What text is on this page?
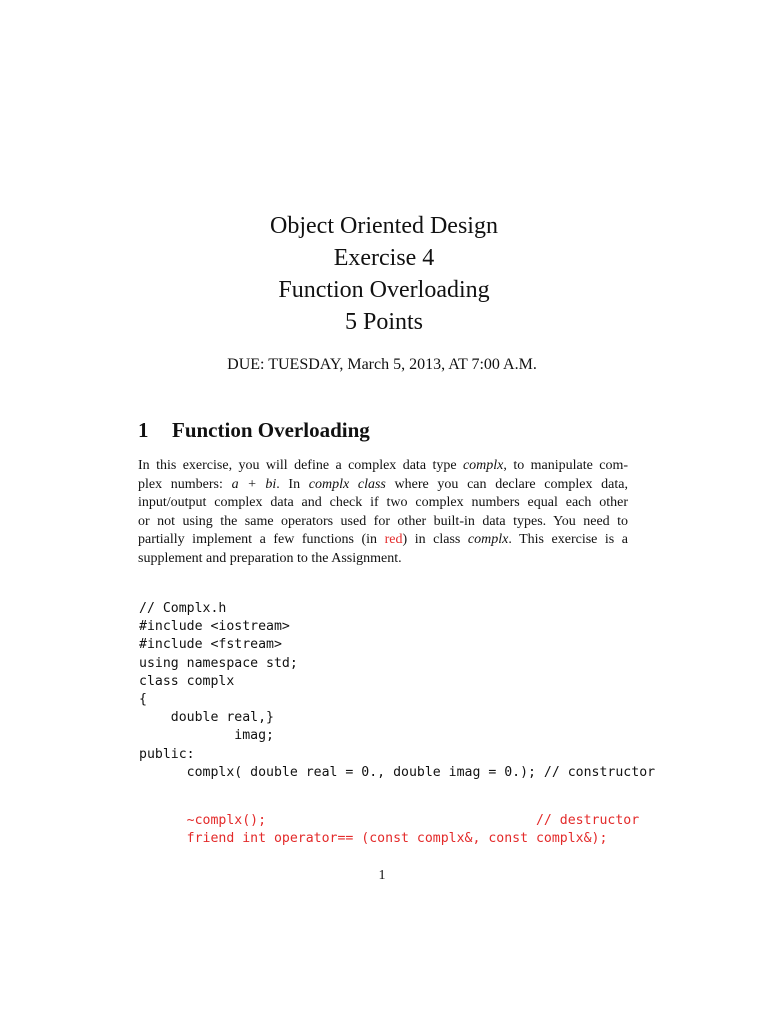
Object Oriented Design
Exercise 4
Function Overloading
5 Points
DUE: TUESDAY, March 5, 2013, AT 7:00 A.M.
1 Function Overloading
In this exercise, you will define a complex data type complx, to manipulate com-
plex numbers: a + bi. In complx class where you can declare complex data,
input/output complex data and check if two complex numbers equal each other
or not using the same operators used for other built-in data types. You need to
partially implement a few functions (in red) in class complx. This exercise is a
supplement and preparation to the Assignment.
// Complx.h
#include <iostream>
#include <fstream>
using namespace std;
class complx
{
double real,}
imag;
public:
complx( double real = 0., double imag = 0.); // constructor
~complx();                                  // destructor
friend int operator== (const complx&, const complx&);
1
